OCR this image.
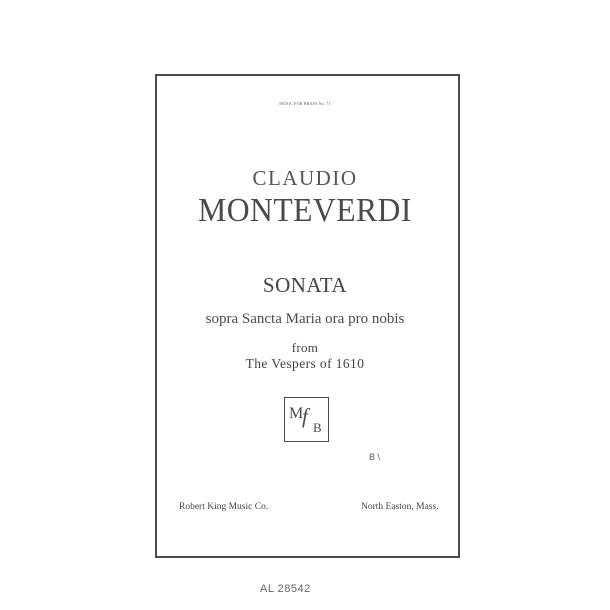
MUSIC FOR BRASS No. 71
CLAUDIO
MONTEVERDI
SONATA
sopra Sancta Maria ora pro nobis
from
The Vespers of 1610
M
f B
B \
Robert King Music Co.	North Easton, Mass.
AL 28542
